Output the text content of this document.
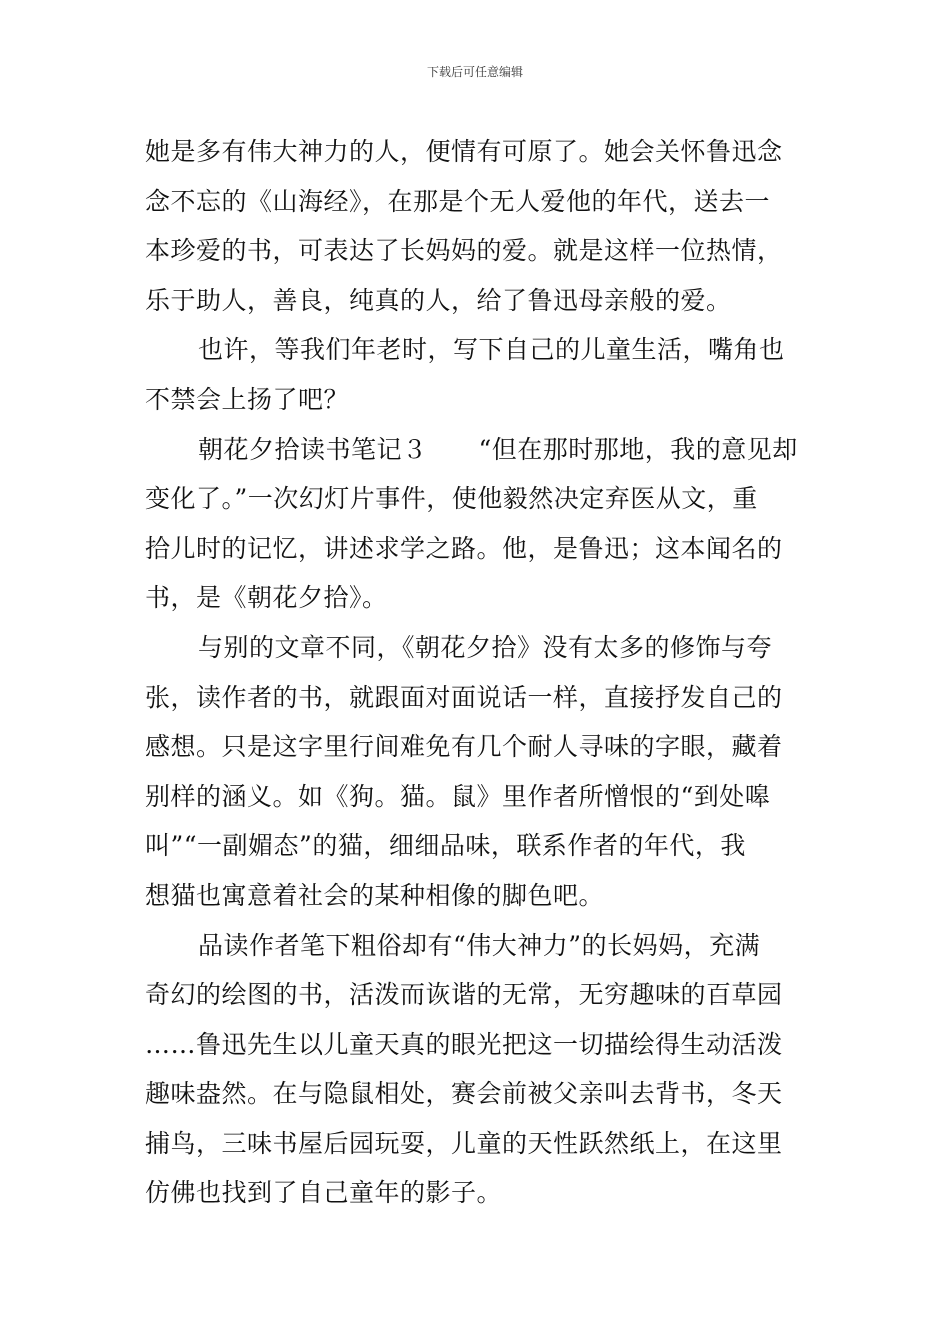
下载后可任意编辑
她是多有伟大神力的人，便情有可原了。她会关怀鲁迅念
念不忘的《山海经》，在那是个无人爱他的年代，送去一
本珍爱的书，可表达了长妈妈的爱。就是这样一位热情，
乐于助人，善良，纯真的人，给了鲁迅母亲般的爱。
也许，等我们年老时，写下自己的儿童生活，嘴角也
不禁会上扬了吧？
朝花夕拾读书笔记３　　“但在那时那地，我的意见却
变化了。”一次幻灯片事件，使他毅然决定弃医从文，重
拾儿时的记忆，讲述求学之路。他，是鲁迅；这本闻名的
书，是《朝花夕拾》。
与别的文章不同，《朝花夕拾》没有太多的修饰与夸
张，读作者的书，就跟面对面说话一样，直接抒发自己的
感想。只是这字里行间难免有几个耐人寻味的字眼，藏着
别样的涵义。如《狗。猫。鼠》里作者所憎恨的“到处嗥
叫”“一副媚态”的猫，细细品味，联系作者的年代，我
想猫也寓意着社会的某种相像的脚色吧。
品读作者笔下粗俗却有“伟大神力”的长妈妈，充满
奇幻的绘图的书，活泼而诙谐的无常，无穷趣味的百草园
……鲁迅先生以儿童天真的眼光把这一切描绘得生动活泼
趣味盎然。在与隐鼠相处，赛会前被父亲叫去背书，冬天
捕鸟，三味书屋后园玩耍，儿童的天性跃然纸上，在这里
仿佛也找到了自己童年的影子。
